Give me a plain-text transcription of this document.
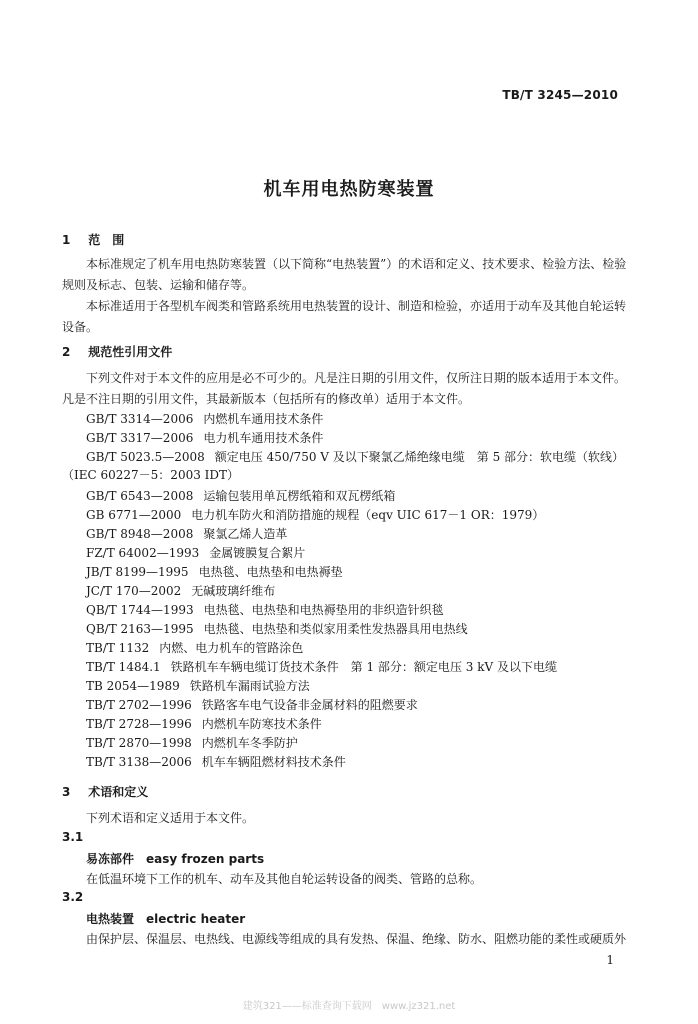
TB/T 3245—2010
机车用电热防寒装置
1 范　围
本标准规定了机车用电热防寒装置（以下简称“电热装置”）的术语和定义、技术要求、检验方法、检验规则及标志、包装、运输和储存等。
本标准适用于各型机车阀类和管路系统用电热装置的设计、制造和检验，亦适用于动车及其他自轮运转设备。
2 规范性引用文件
下列文件对于本文件的应用是必不可少的。凡是注日期的引用文件，仅所注日期的版本适用于本文件。凡是不注日期的引用文件，其最新版本（包括所有的修改单）适用于本文件。
GB/T 3314—2006 内燃机车通用技术条件
GB/T 3317—2006 电力机车通用技术条件
GB/T 5023.5—2008 额定电压 450/750 V 及以下聚氯乙烯绝缘电缆　第 5 部分：软电缆（软线）
（IEC 60227－5：2003 IDT）
GB/T 6543—2008 运输包装用单瓦楞纸箱和双瓦楞纸箱
GB 6771—2000 电力机车防火和消防措施的规程（eqv UIC 617－1 OR：1979）
GB/T 8948—2008 聚氯乙烯人造革
FZ/T 64002—1993 金属镀膜复合絮片
JB/T 8199—1995 电热毯、电热垫和电热褥垫
JC/T 170—2002 无碱玻璃纤维布
QB/T 1744—1993 电热毯、电热垫和电热褥垫用的非织造针织毯
QB/T 2163—1995 电热毯、电热垫和类似家用柔性发热器具用电热线
TB/T 1132 内燃、电力机车的管路涂色
TB/T 1484.1 铁路机车车辆电缆订货技术条件　第 1 部分：额定电压 3 kV 及以下电缆
TB 2054—1989 铁路机车漏雨试验方法
TB/T 2702—1996 铁路客车电气设备非金属材料的阻燃要求
TB/T 2728—1996 内燃机车防寒技术条件
TB/T 2870—1998 内燃机车冬季防护
TB/T 3138—2006 机车车辆阻燃材料技术条件
3 术语和定义
下列术语和定义适用于本文件。
3.1
易冻部件 easy frozen parts
在低温环境下工作的机车、动车及其他自轮运转设备的阀类、管路的总称。
3.2
电热装置 electric heater
由保护层、保温层、电热线、电源线等组成的具有发热、保温、绝缘、防水、阻燃功能的柔性或硬质外
1
建筑321——标准查询下载网　www.jz321.net
